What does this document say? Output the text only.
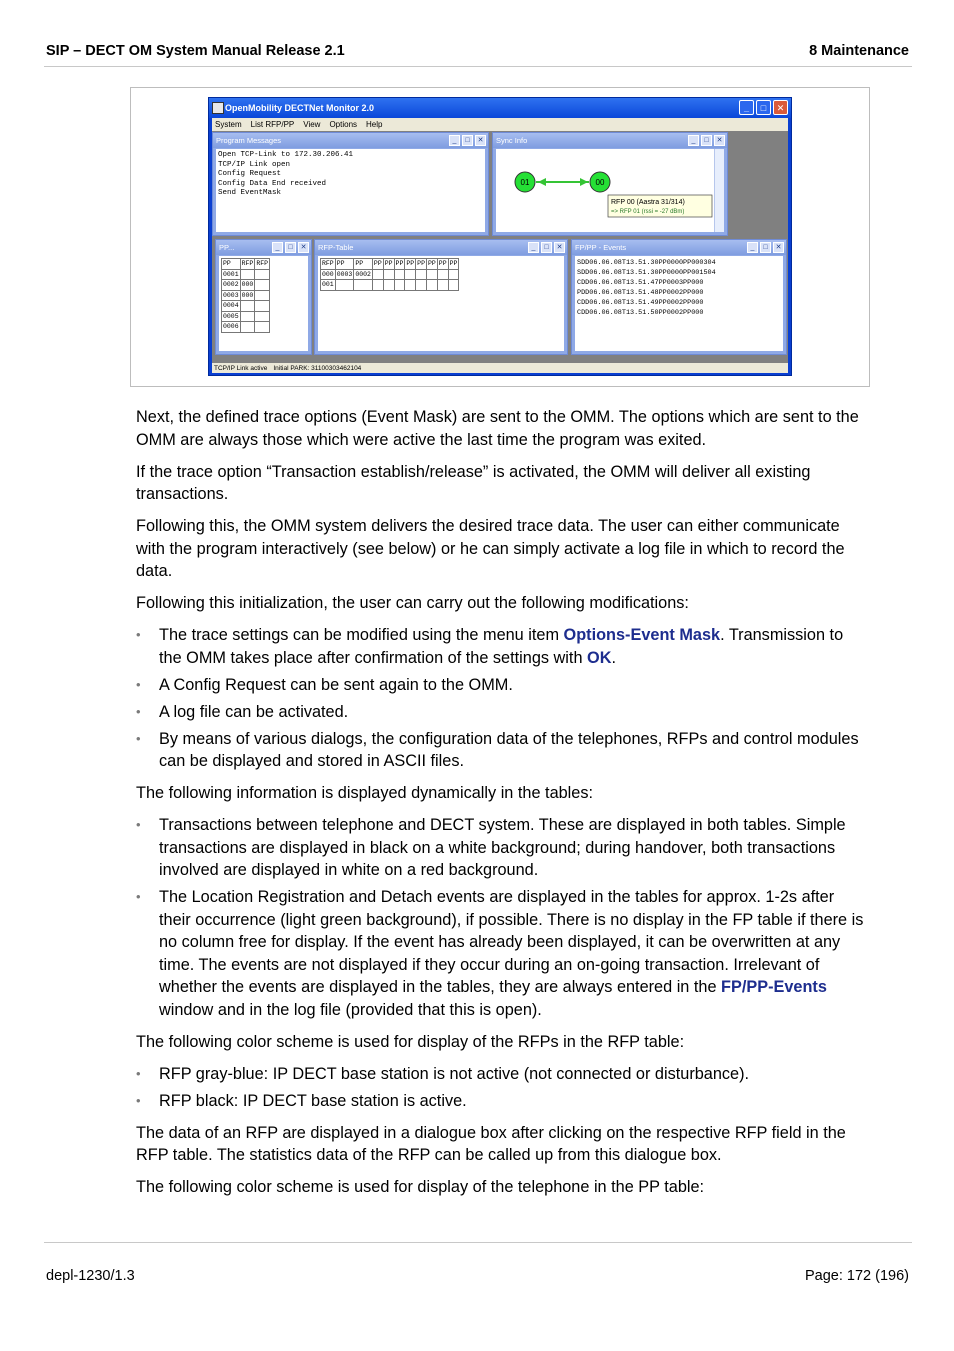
SIP – DECT OM System Manual Release 2.1	8 Maintenance
OpenMobility DECTNet Monitor 2.0	_	□	✕
System List RFP/PP View Options Help
Program Messages	_	□	✕
Open TCP-Link to 172.30.206.41
TCP/IP Link open
Config Request
Config Data End received
Send EventMask
Sync Info	_	□	✕
01	00
RFP 00 (Aastra 31/314)
=> RFP 01 (rssi = -27 dBm)
PP...	_	□	✕
PP	RFP	RFP
0001		
0002	000	
0003	000	
0004		
0005		
0006		
RFP-Table	_	□	✕
RFP	PP	PP	PP	PP	PP	PP	PP	PP	PP	PP
000	0003	0002								
001										
FP/PP - Events	_	□	✕
SDD06.06.08T13.51.30PP0000PP000304
SDD06.06.08T13.51.30PP0000PP001504
CDD06.06.08T13.51.47PP0003PP000
PDD06.06.08T13.51.48PP0002PP000
CDD06.06.08T13.51.49PP0002PP000
CDD06.06.08T13.51.50PP0002PP000
TCP/IP Link active Initial PARK: 31100303462104

Next, the defined trace options (Event Mask) are sent to the OMM. The options which are sent to the OMM are always those which were active the last time the program was exited.

If the trace option “Transaction establish/release” is activated, the OMM will deliver all existing transactions.

Following this, the OMM system delivers the desired trace data. The user can either communicate with the program interactively (see below) or he can simply activate a log file in which to record the data.

Following this initialization, the user can carry out the following modifications:

• The trace settings can be modified using the menu item Options-Event Mask. Transmission to the OMM takes place after confirmation of the settings with OK.
• A Config Request can be sent again to the OMM.
• A log file can be activated.
• By means of various dialogs, the configuration data of the telephones, RFPs and control modules can be displayed and stored in ASCII files.

The following information is displayed dynamically in the tables:

• Transactions between telephone and DECT system. These are displayed in both tables. Simple transactions are displayed in black on a white background; during handover, both transactions involved are displayed in white on a red background.
• The Location Registration and Detach events are displayed in the tables for approx. 1-2s after their occurrence (light green background), if possible. There is no display in the FP table if there is no column free for display. If the event has already been displayed, it can be overwritten at any time. The events are not displayed if they occur during an on-going transaction. Irrelevant of whether the events are displayed in the tables, they are always entered in the FP/PP-Events window and in the log file (provided that this is open).

The following color scheme is used for display of the RFPs in the RFP table:

• RFP gray-blue: IP DECT base station is not active (not connected or disturbance).
• RFP black: IP DECT base station is active.

The data of an RFP are displayed in a dialogue box after clicking on the respective RFP field in the RFP table. The statistics data of the RFP can be called up from this dialogue box.

The following color scheme is used for display of the telephone in the PP table:

depl-1230/1.3	Page: 172 (196)
